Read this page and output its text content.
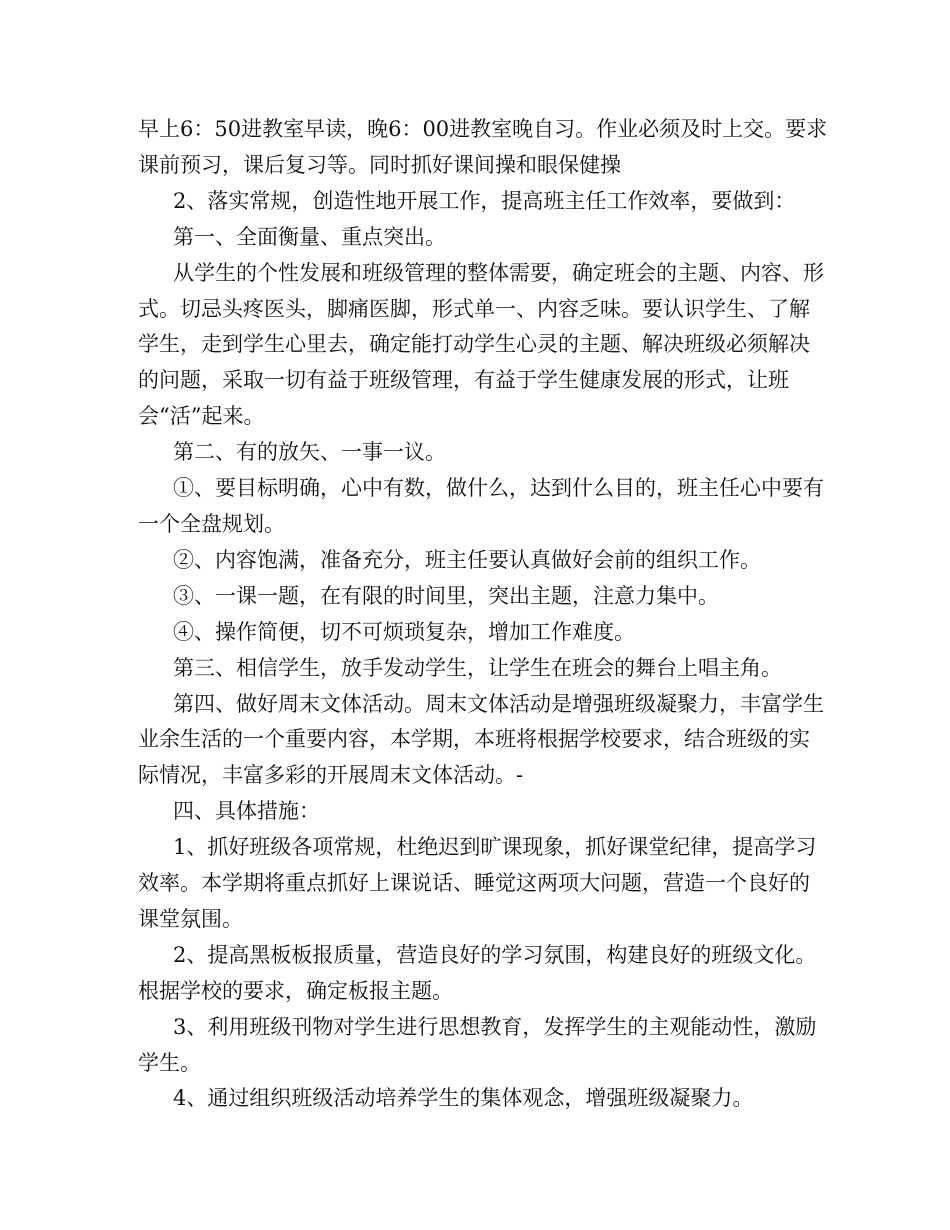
早上6：50进教室早读，晚6：00进教室晚自习。作业必须及时上交。要求课前预习，课后复习等。同时抓好课间操和眼保健操

2、落实常规，创造性地开展工作，提高班主任工作效率，要做到：

第一、全面衡量、重点突出。

从学生的个性发展和班级管理的整体需要，确定班会的主题、内容、形式。切忌头疼医头，脚痛医脚，形式单一、内容乏味。要认识学生、了解学生，走到学生心里去，确定能打动学生心灵的主题、解决班级必须解决的问题，采取一切有益于班级管理，有益于学生健康发展的形式，让班会“活”起来。

第二、有的放矢、一事一议。

①、要目标明确，心中有数，做什么，达到什么目的，班主任心中要有一个全盘规划。

②、内容饱满，准备充分，班主任要认真做好会前的组织工作。

③、一课一题，在有限的时间里，突出主题，注意力集中。

④、操作简便，切不可烦琐复杂，增加工作难度。

第三、相信学生，放手发动学生，让学生在班会的舞台上唱主角。

第四、做好周末文体活动。周末文体活动是增强班级凝聚力，丰富学生业余生活的一个重要内容，本学期，本班将根据学校要求，结合班级的实际情况，丰富多彩的开展周末文体活动。-

四、具体措施：

1、抓好班级各项常规，杜绝迟到旷课现象，抓好课堂纪律，提高学习效率。本学期将重点抓好上课说话、睡觉这两项大问题，营造一个良好的课堂氛围。

2、提高黑板板报质量，营造良好的学习氛围，构建良好的班级文化。根据学校的要求，确定板报主题。

3、利用班级刊物对学生进行思想教育，发挥学生的主观能动性，激励学生。

4、通过组织班级活动培养学生的集体观念，增强班级凝聚力。
